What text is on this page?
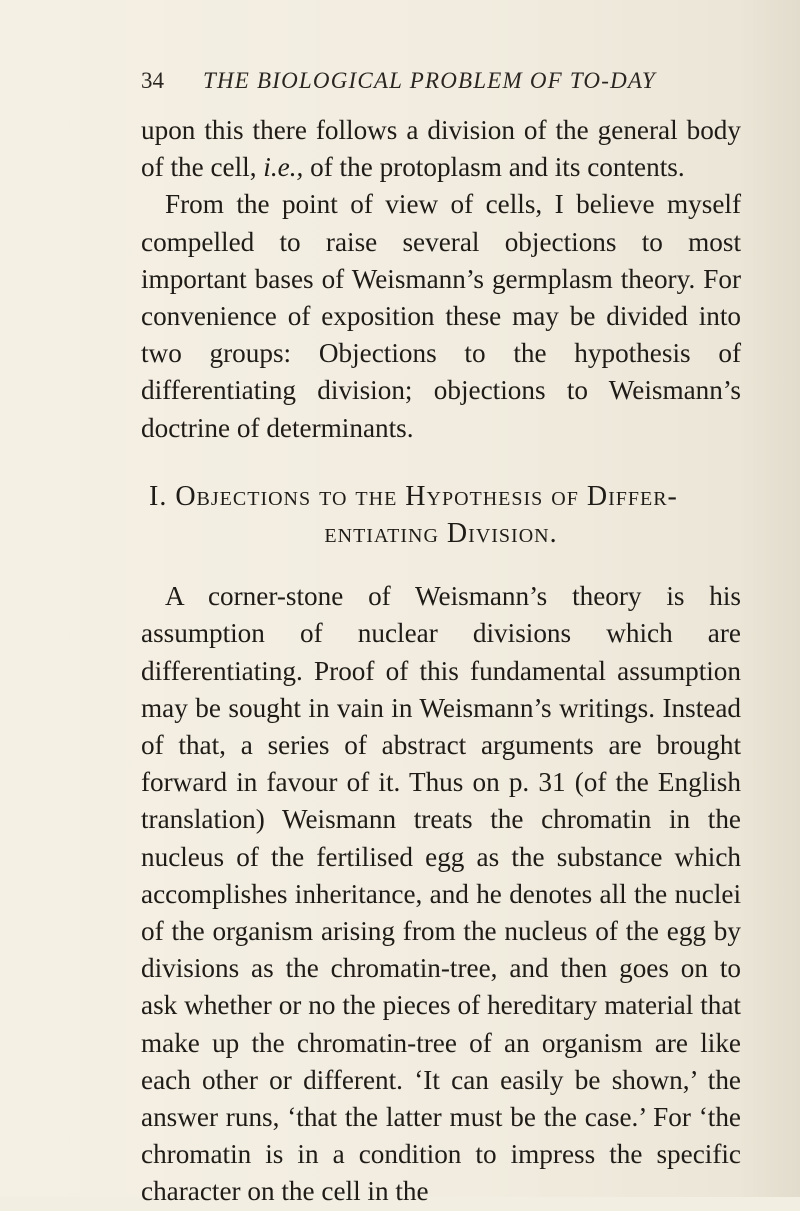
34 THE BIOLOGICAL PROBLEM OF TO-DAY

upon this there follows a division of the general body of the cell, i.e., of the protoplasm and its contents.

From the point of view of cells, I believe myself compelled to raise several objections to most important bases of Weismann’s germplasm theory. For convenience of exposition these may be divided into two groups: Objections to the hypothesis of differentiating division; objections to Weismann’s doctrine of determinants.

I. Objections to the Hypothesis of Differ-
entiating Division.

A corner-stone of Weismann’s theory is his assumption of nuclear divisions which are differentiating. Proof of this fundamental assumption may be sought in vain in Weismann’s writings. Instead of that, a series of abstract arguments are brought forward in favour of it. Thus on p. 31 (of the English translation) Weismann treats the chromatin in the nucleus of the fertilised egg as the substance which accomplishes inheritance, and he denotes all the nuclei of the organism arising from the nucleus of the egg by divisions as the chromatin-tree, and then goes on to ask whether or no the pieces of hereditary material that make up the chromatin-tree of an organism are like each other or different. ‘It can easily be shown,’ the answer runs, ‘that the latter must be the case.’ For ‘the chromatin is in a condition to impress the specific character on the cell in the
